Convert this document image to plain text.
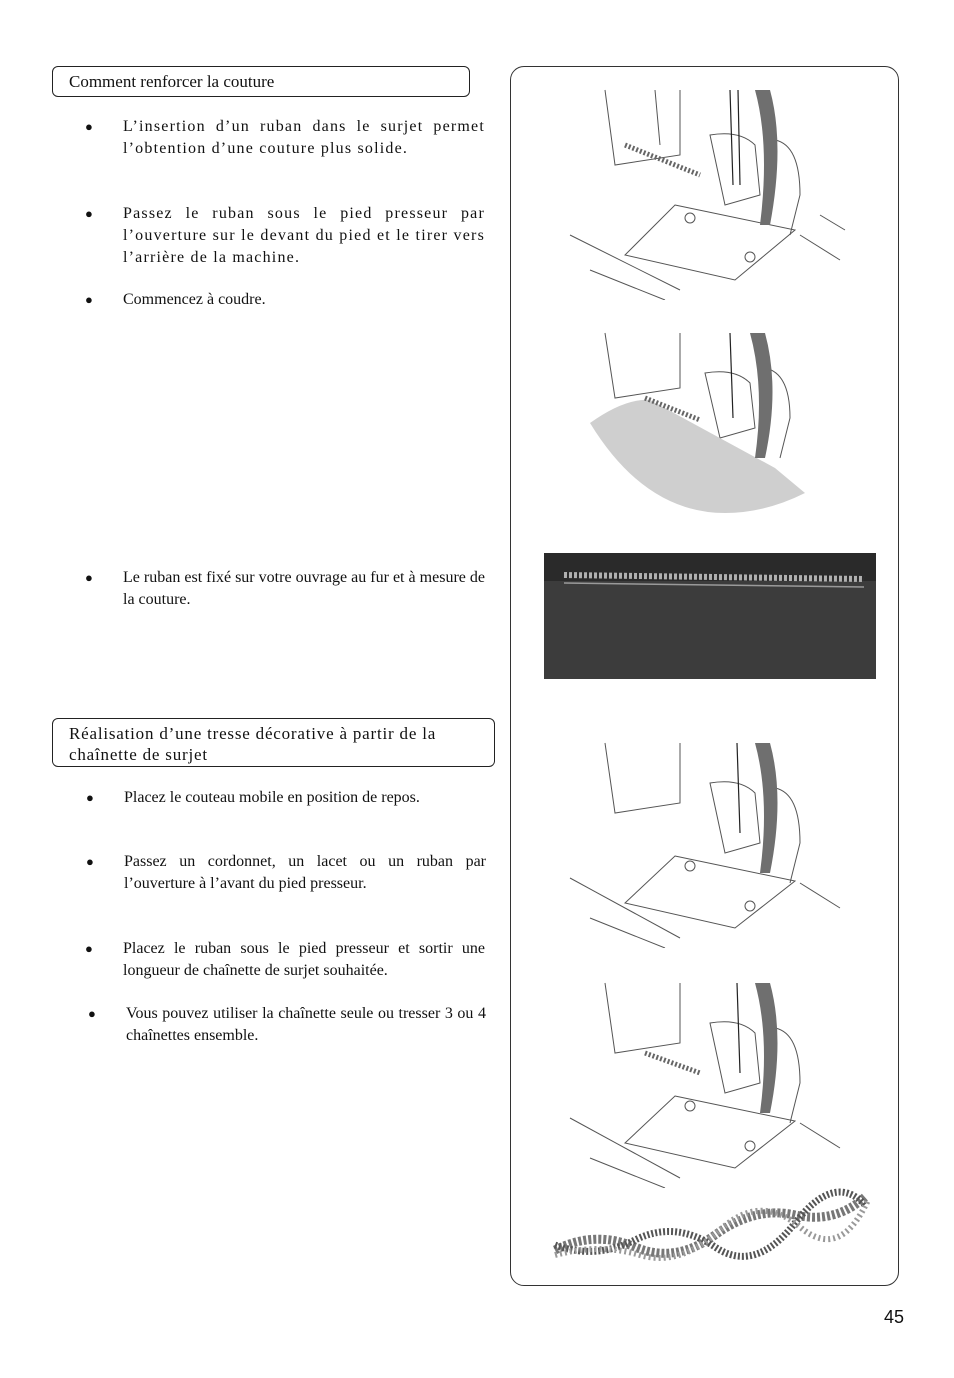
Comment renforcer la couture
● L’insertion d’un ruban dans le surjet permet l’obtention d’une couture plus solide.
● Passez le ruban sous le pied presseur par l’ouverture sur le devant du pied et le tirer vers l’arrière de la machine.
● Commencez à coudre.
● Le ruban est fixé sur votre ouvrage au fur et à mesure de la couture.
Réalisation d’une tresse décorative à partir de la chaînette de surjet
● Placez le couteau mobile en position de repos.
● Passez un cordonnet, un lacet ou un ruban par l’ouverture à l’avant du pied presseur.
● Placez le ruban sous le pied presseur et sortir une longueur de chaînette de surjet souhaitée.
● Vous pouvez utiliser la chaînette seule ou tresser 3 ou 4 chaînettes ensemble.
45
